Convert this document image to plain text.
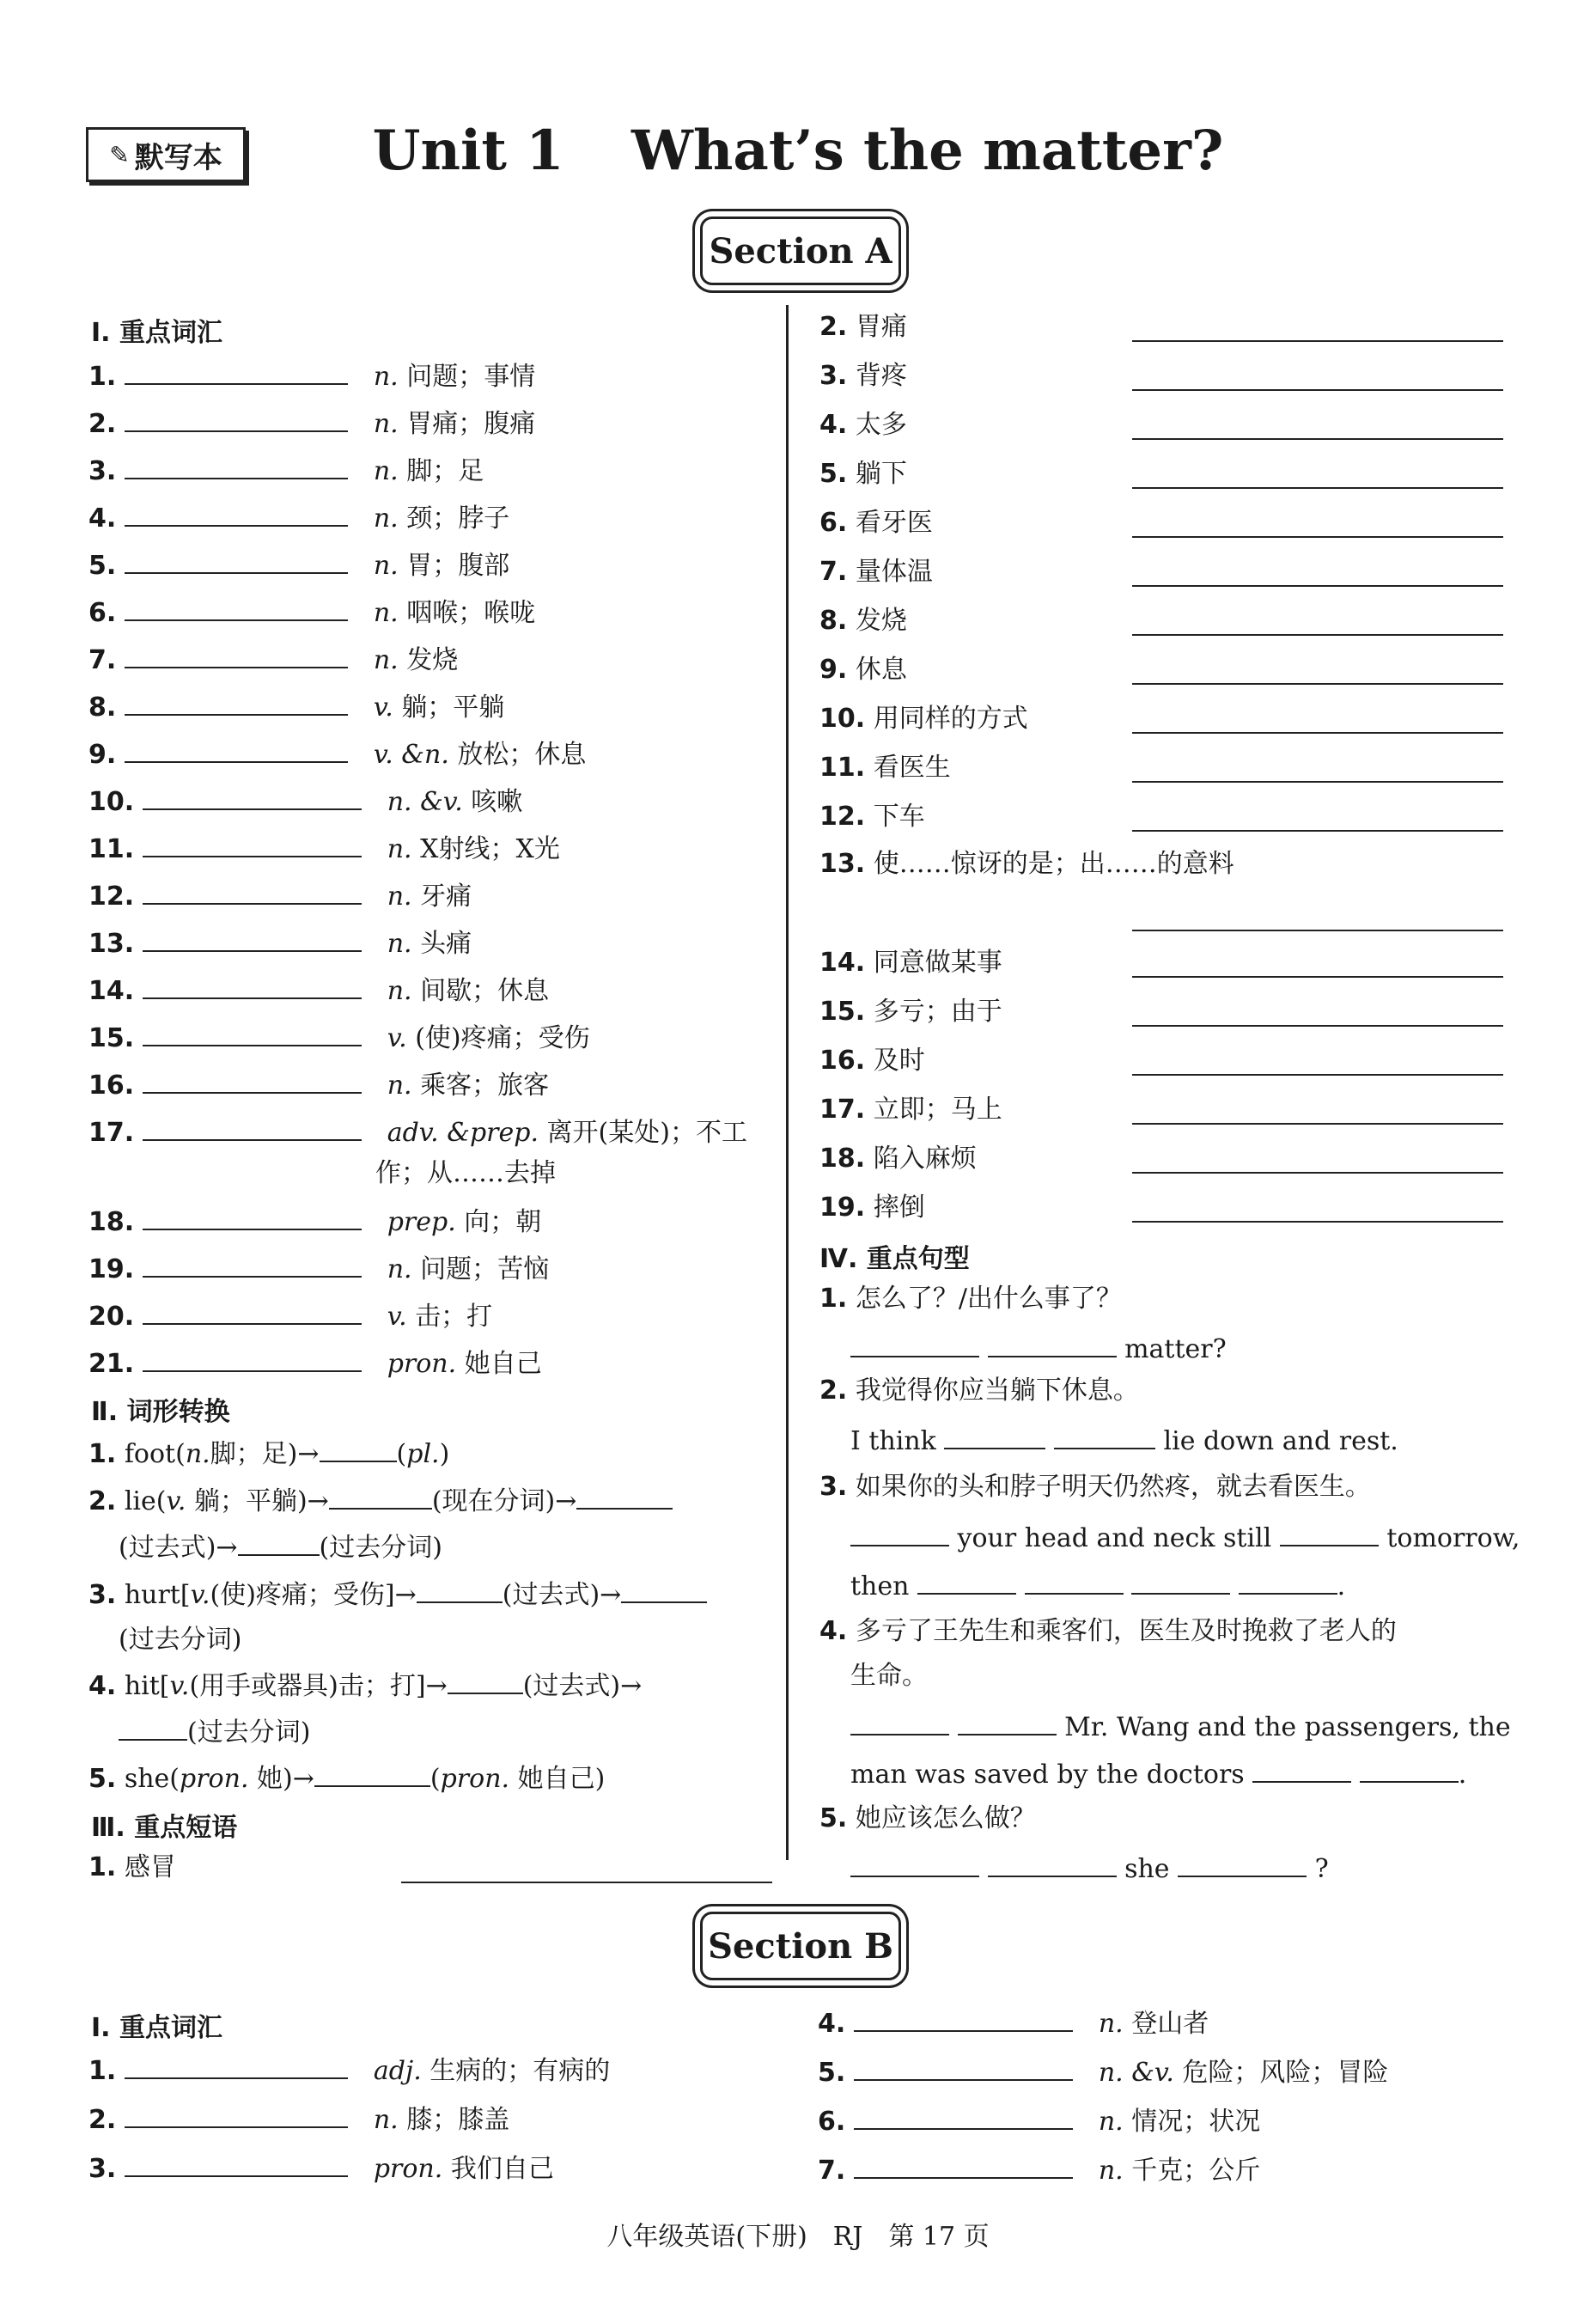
✎ 默写本	Unit 1 What’s the matter?
Section A
Ⅰ. 重点词汇
1. 　	n. 问题；事情
2. 　	n. 胃痛；腹痛
3. 　	n. 脚；足
4. 　	n. 颈；脖子
5. 　	n. 胃；腹部
6. 　	n. 咽喉；喉咙
7. 　	n. 发烧
8. 　	v. 躺；平躺
9. 　	v. &n. 放松；休息
10. 　	n. &v. 咳嗽
11. 　	n. X射线；X光
12. 　	n. 牙痛
13. 　	n. 头痛
14. 　	n. 间歇；休息
15. 　	v. (使)疼痛；受伤
16. 　	n. 乘客；旅客
17. 　	adv. &prep. 离开(某处)；不工
作；从……去掉
18. 　	prep. 向；朝
19. 　	n. 问题；苦恼
20. 　	v. 击；打
21. 　	pron. 她自己
Ⅱ. 词形转换
1. foot(n.脚；足)→	(pl.)
2. lie(v. 躺；平躺)→	(现在分词)→
(过去式)→	(过去分词)
3. hurt[v.(使)疼痛；受伤]→	(过去式)→
(过去分词)
4. hit[v.(用手或器具)击；打]→	(过去式)→
(过去分词)
5. she(pron. 她)→	(pron. 她自己)
Ⅲ. 重点短语
1. 感冒
2. 胃痛
3. 背疼
4. 太多
5. 躺下
6. 看牙医
7. 量体温
8. 发烧
9. 休息
10. 用同样的方式
11. 看医生
12. 下车
13. 使……惊讶的是；出……的意料
14. 同意做某事
15. 多亏；由于
16. 及时
17. 立即；马上
18. 陷入麻烦
19. 摔倒
Ⅳ. 重点句型
1. 怎么了？/出什么事了？
matter?
2. 我觉得你应当躺下休息。
I think	lie down and rest.
3. 如果你的头和脖子明天仍然疼，就去看医生。
your head and neck still	tomorrow,
then	.
4. 多亏了王先生和乘客们，医生及时挽救了老人的
生命。
Mr. Wang and the passengers, the
man was saved by the doctors	.
5. 她应该怎么做？
she	?
Section B
Ⅰ. 重点词汇
1. 　	adj. 生病的；有病的
2. 　	n. 膝；膝盖
3. 　	pron. 我们自己
4. 　	n. 登山者
5. 　	n. &v. 危险；风险；冒险
6. 　	n. 情况；状况
7. 　	n. 千克；公斤
八年级英语(下册)　RJ　第 17 页
